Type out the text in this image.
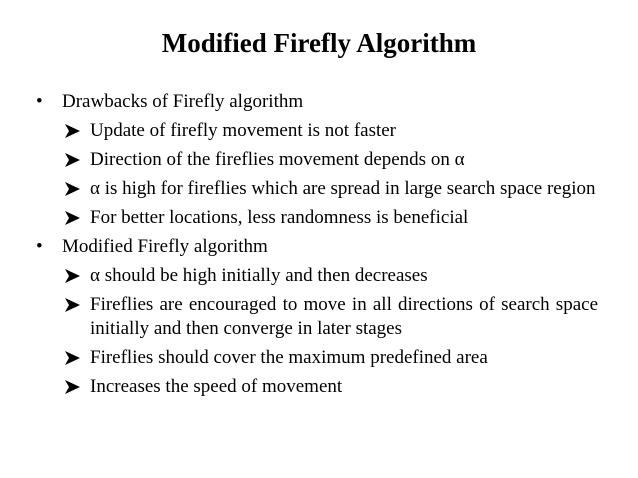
Modified Firefly Algorithm
• Drawbacks of Firefly algorithm
Update of firefly movement is not faster
Direction of the fireflies movement depends on α
α is high for fireflies which are spread in large search space region
For better locations, less randomness is beneficial
• Modified Firefly algorithm
α should be high initially and then decreases
Fireflies are encouraged to move in all directions of search space initially and then converge in later stages
Fireflies should cover the maximum predefined area
Increases the speed of movement
